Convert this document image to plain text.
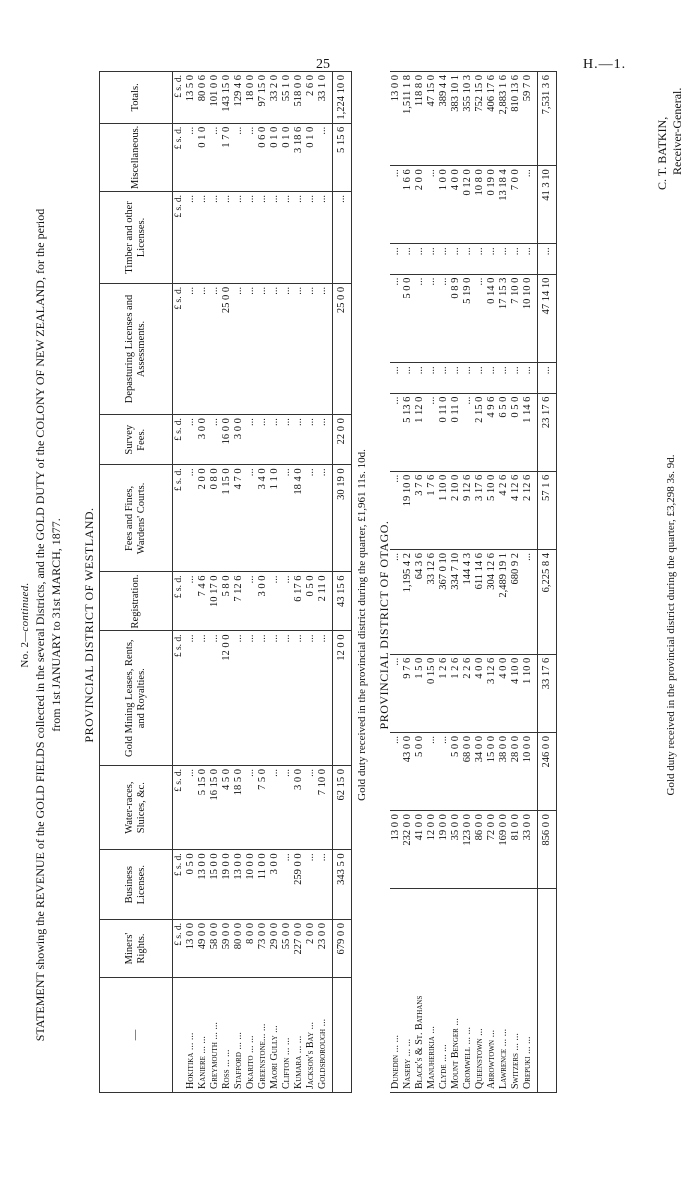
25	H.—1.
No. 2—continued. STATEMENT showing the REVENUE of the GOLD FIELDS collected in the several Districts, and the GOLD DUTY of the COLONY OF NEW ZEALAND, for the period from 1st JANUARY to 31st MARCH, 1877. PROVINCIAL DISTRICT OF WESTLAND.
—	Miners' Rights.	Business Licenses.	Water-races, Sluices, &c.	Gold Mining Leases, Rents, and Royalties.	Registration.	Fees and Fines, Wardens' Courts.	Survey Fees.	Depasturing Licenses and Assessments.	Timber and other Licenses.	Miscellaneous.	Totals.
	£ s. d.	£ s. d.	£ s. d.	£ s. d.	£ s. d.	£ s. d.	£ s. d.	£ s. d.	£ s. d.	£ s. d.	£ s. d.
Hokitika ... ...	13 0 0	0 5 0	...	...	...	...	...	...	...	...	13 5 0
Kaniere ... ...	49 0 0	13 0 0	5 15 0	...	7 4 6	2 0 0	3 0 0	...	...	0 1 0	80 0 6
Greymouth ... ...	58 0 0	15 0 0	16 15 0	...	10 17 0	0 8 0	...	...	...	...	101 0 0
Ross ... ...	59 0 0	19 0 0	4 5 0	12 0 0	5 8 0	1 15 0	16 0 0	25 0 0	...	1 7 0	143 15 0
Stafford ... ...	80 0 0	13 0 0	18 5 0	...	7 12 6	4 7 0	3 0 0	...	...	...	129 4 6
Okarito ... ...	8 0 0	10 0 0	...	...	...	...	...	...	...	...	18 0 0
Greenstone... ...	73 0 0	11 0 0	7 5 0	...	3 0 0	3 4 0	...	...	...	0 6 0	97 15 0
Maori Gully ...	29 0 0	3 0 0	...	...	...	1 1 0	...	...	...	0 1 0	33 2 0
Clifton ... ...	55 0 0	...	...	...	...	...	...	...	...	0 1 0	55 1 0
Kumara ... ...	227 0 0	259 0 0	3 0 0	...	6 17 6	18 4 0	...	...	...	3 18 6	518 0 0
Jackson's Bay ...	2 0 0	...	...	...	0 5 0	...	...	...	...	0 1 0	2 6 0
Goldsborough ...	23 0 0	...	7 10 0	...	2 11 0	...	...	...	...	...	33 1 0
	679 0 0	343 5 0	62 15 0	12 0 0	43 15 6	30 19 0	22 0 0	25 0 0	...	5 15 6	1,224 10 0
Gold duty received in the provincial district during the quarter, £1,961 11s. 10d. PROVINCIAL DISTRICT OF OTAGO.
Dunedin ... ...	13 0 0	...	...	...	...	...	...	...	...	...	13 0 0
Naseby ... ...	232 0 0	43 0 0	9 7 6	1,195 4 2	19 10 0	5 13 6	...	5 0 0	...	1 6 6	1,511 1 8
Black's & St. Bathans	41 0 0	5 0 0	1 5 0	64 3 6	3 7 6	1 12 0	...	...	...	2 0 0	118 8 0
Manuherikia ...	12 0 0	...	0 15 0	33 12 6	1 7 6	...	...	...	...	...	47 15 0
Clyde ... ...	19 0 0	...	1 2 6	367 0 10	1 10 0	0 11 0	...	...	...	1 0 0	389 4 4
Mount Benger ...	35 0 0	5 0 0	1 2 6	334 7 10	2 10 0	0 11 0	...	0 8 9	...	4 0 0	383 10 1
Cromwell ... ...	123 0 0	68 0 0	2 2 6	144 4 3	9 12 6	...	...	5 19 0	...	0 12 0	355 10 3
Queenstown ...	86 0 0	34 0 0	4 0 0	611 14 6	3 17 6	2 15 0	...	...	...	10 8 0	752 15 0
Arrowtown ...	72 0 0	15 0 0	3 12 6	304 12 6	5 10 0	4 9 6	...	0 14 0	...	0 19 0	406 17 6
Lawrence ... ...	169 0 0	38 0 0	4 0 0	2,489 19 1	4 2 6	6 5 0	...	17 15 3	...	13 18 4	2,883 1 6
Switzers ... ...	81 0 0	28 0 0	4 10 0	680 9 2	4 12 6	0 5 0	...	7 10 0	...	7 0 0	810 13 6
Orepuki ... ...	33 0 0	10 0 0	1 10 0	...	2 12 6	1 14 6	...	10 10 0	...	...	59 7 0
	856 0 0	246 0 0	33 17 6	6,225 8 4	57 1 6	23 17 6	...	47 14 10	...	41 3 10	7,531 3 6
Gold duty received in the provincial district during the quarter, £3,298 3s. 9d.
C. T. BATKIN, Receiver-General.
